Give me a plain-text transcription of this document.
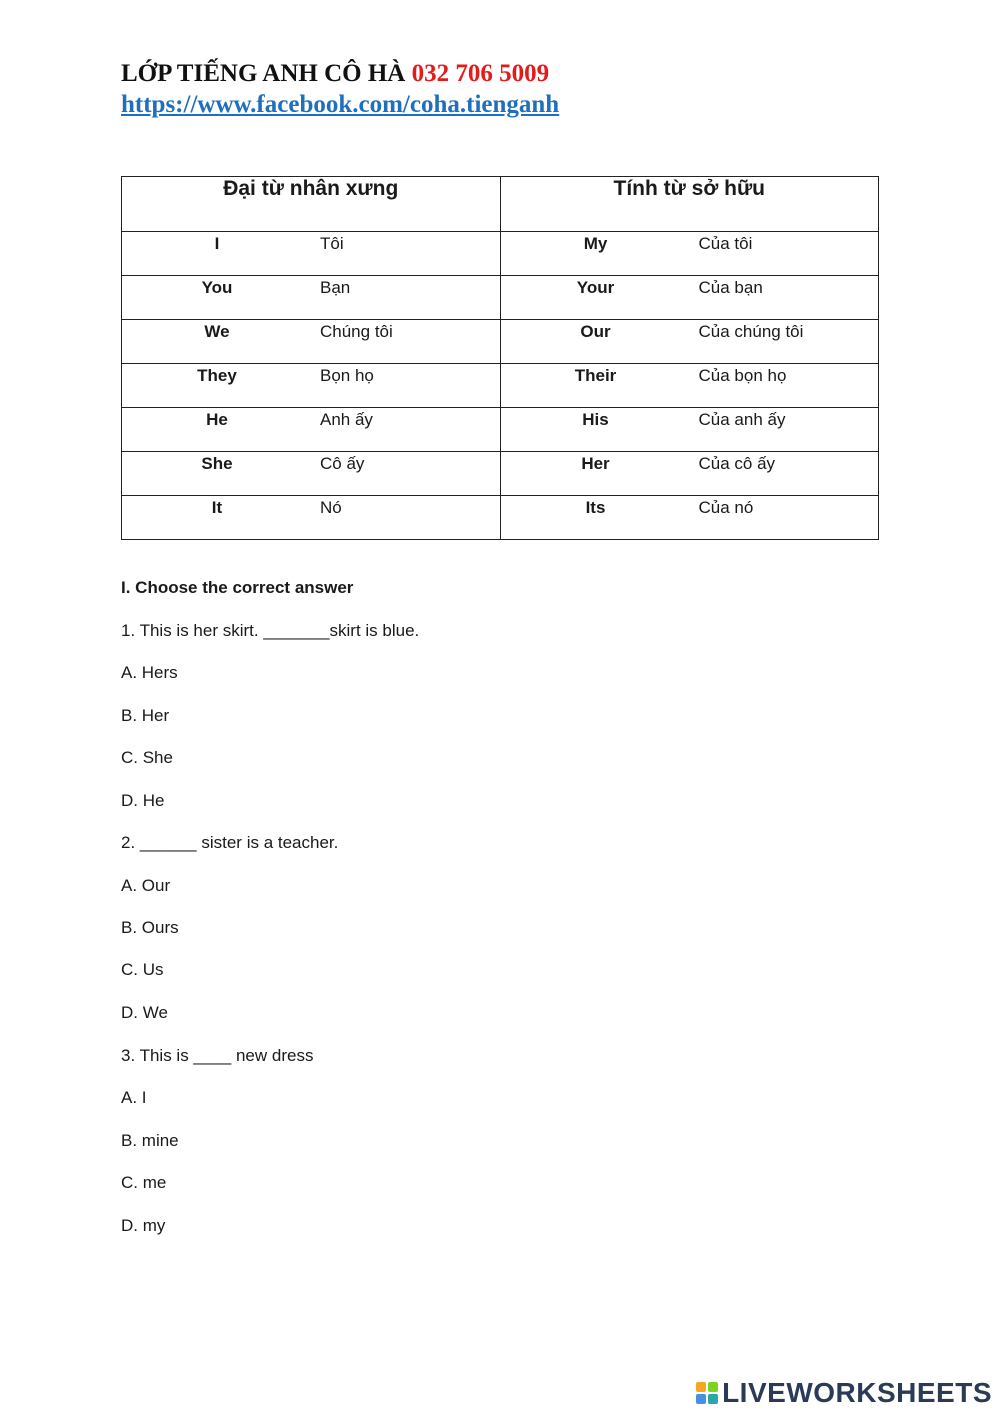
LỚP TIẾNG ANH CÔ HÀ 032 706 5009
https://www.facebook.com/coha.tienganh
Đại từ nhân xưng	Tính từ sở hữu

I Tôi	My Của tôi

You Bạn	Your Của bạn

We Chúng tôi	Our Của chúng tôi

They Bọn họ	Their Của bọn họ

He Anh ấy	His Của anh ấy

She Cô ấy	Her Của cô ấy

It Nó	Its Của nó
I. Choose the correct answer
1. This is her skirt. _______skirt is blue.
A. Hers
B. Her
C. She
D. He
2. ______ sister is a teacher.
A. Our
B. Ours
C. Us
D. We
3. This is ____ new dress
A. I
B. mine
C. me
D. my
LIVEWORKSHEETS
